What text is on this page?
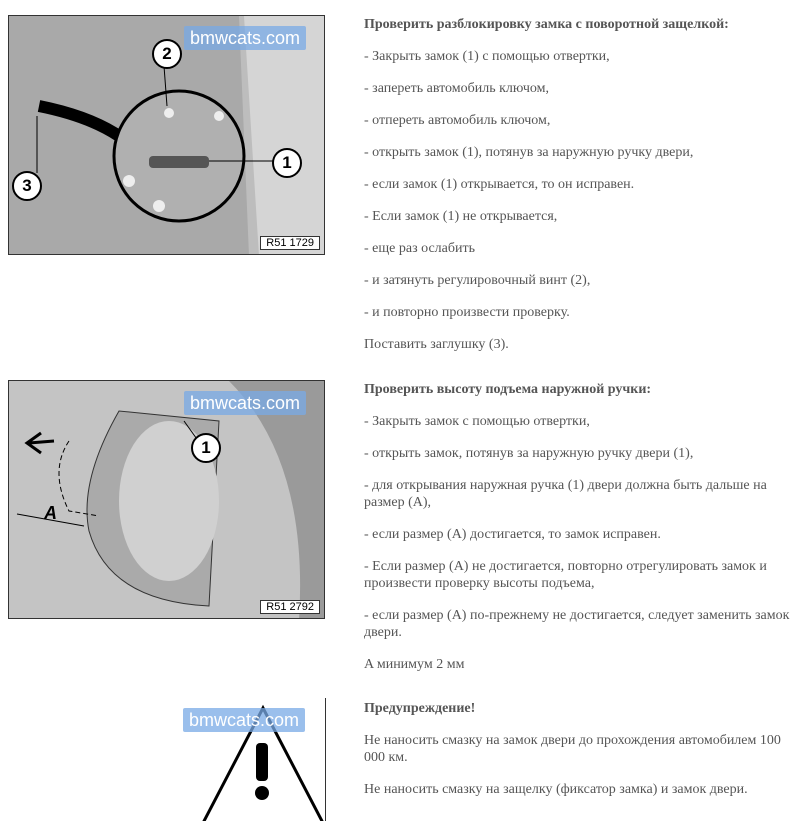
2
1
3
bmwcats.com
R51 1729
A
1
bmwcats.com
R51 2792
bmwcats.com
Проверить разблокировку замка с поворотной защелкой:

- Закрыть замок (1) с помощью отвертки,

- запереть автомобиль ключом,

- отпереть автомобиль ключом,

- открыть замок (1), потянув за наружную ручку двери,

- если замок (1) открывается, то он исправен.

- Если замок (1) не открывается,

- еще раз ослабить

- и затянуть регулировочный винт (2),

- и повторно произвести проверку.

Поставить заглушку (3).

Проверить высоту подъема наружной ручки:

- Закрыть замок с помощью отвертки,

- открыть замок, потянув за наружную ручку двери (1),

- для открывания наружная ручка (1) двери должна быть дальше на размер (A),

- если размер (A) достигается, то замок исправен.

- Если размер (A) не достигается, повторно отрегулировать замок и произвести проверку высоты подъема,

- если размер (A) по-прежнему не достигается, следует заменить замок двери.

A минимум 2 мм

Предупреждение!

Не наносить смазку на замок двери до прохождения автомобилем 100 000 км.

Не наносить смазку на защелку (фиксатор замка) и замок двери.
